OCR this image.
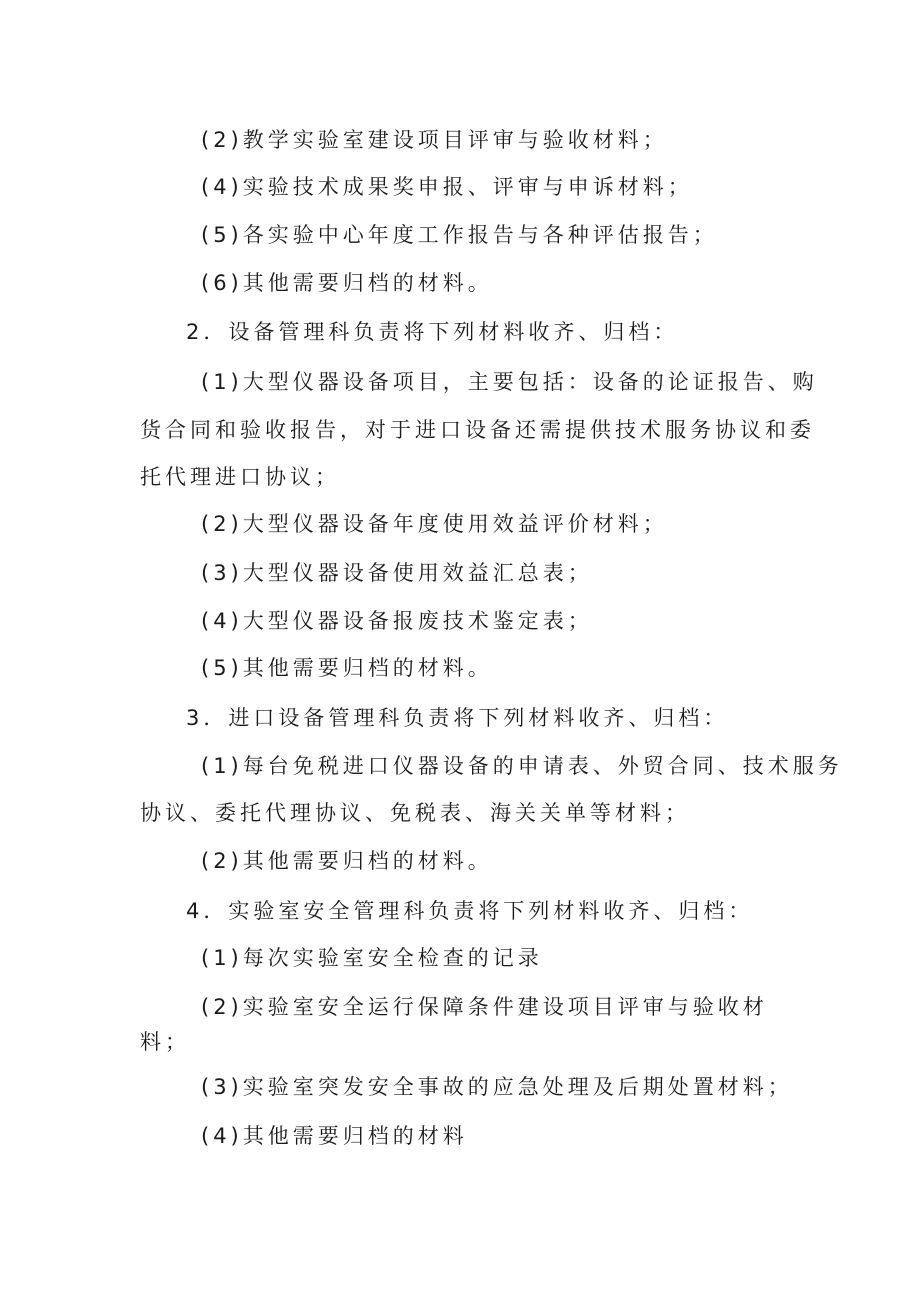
(2)教学实验室建设项目评审与验收材料；
(4)实验技术成果奖申报、评审与申诉材料；
(5)各实验中心年度工作报告与各种评估报告；
(6)其他需要归档的材料。
2．设备管理科负责将下列材料收齐、归档：
(1)大型仪器设备项目，主要包括：设备的论证报告、购
货合同和验收报告，对于进口设备还需提供技术服务协议和委
托代理进口协议；
(2)大型仪器设备年度使用效益评价材料；
(3)大型仪器设备使用效益汇总表；
(4)大型仪器设备报废技术鉴定表；
(5)其他需要归档的材料。
3．进口设备管理科负责将下列材料收齐、归档：
(1)每台免税进口仪器设备的申请表、外贸合同、技术服务
协议、委托代理协议、免税表、海关关单等材料；
(2)其他需要归档的材料。
4．实验室安全管理科负责将下列材料收齐、归档：
(1)每次实验室安全检查的记录
(2)实验室安全运行保障条件建设项目评审与验收材
料；
(3)实验室突发安全事故的应急处理及后期处置材料；
(4)其他需要归档的材料
